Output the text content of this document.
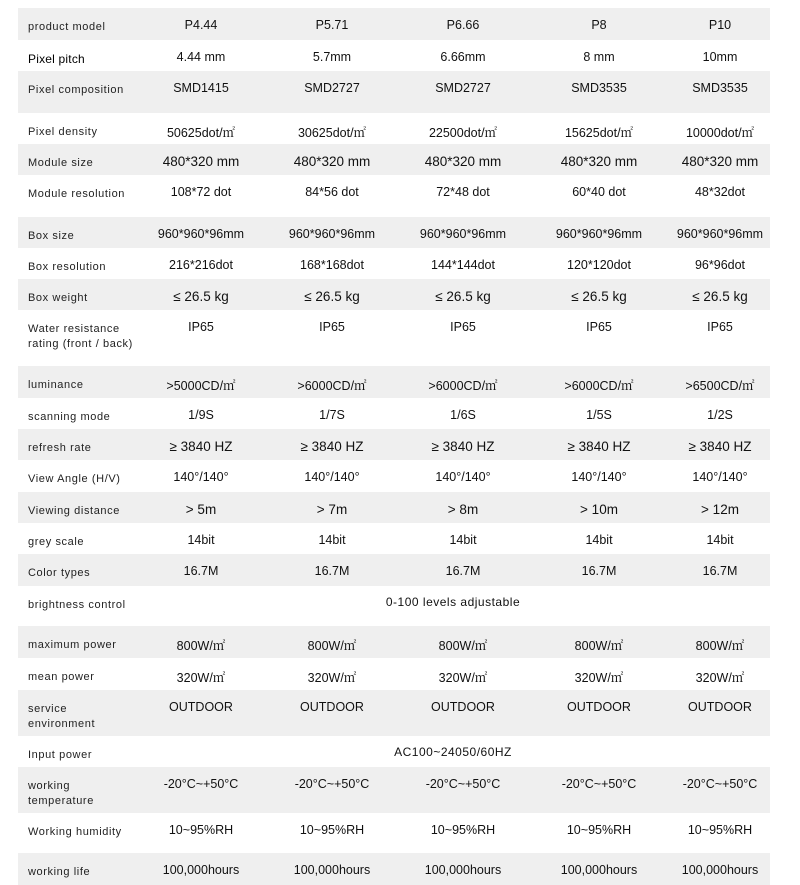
product model	P4.44	P5.71	P6.66	P8	P10
Pixel pitch	4.44 mm	5.7mm	6.66mm	8 mm	10mm
Pixel composition	SMD1415	SMD2727	SMD2727	SMD3535	SMD3535
Pixel density	50625dot/㎡	30625dot/㎡	22500dot/㎡	15625dot/㎡	10000dot/㎡
Module size	480*320 mm	480*320 mm	480*320 mm	480*320 mm	480*320 mm
Module resolution	108*72 dot	84*56 dot	72*48 dot	60*40 dot	48*32dot
Box size	960*960*96mm	960*960*96mm	960*960*96mm	960*960*96mm	960*960*96mm
Box resolution	216*216dot	168*168dot	144*144dot	120*120dot	96*96dot
Box weight	≤ 26.5 kg	≤ 26.5 kg	≤ 26.5 kg	≤ 26.5 kg	≤ 26.5 kg
Water resistance rating (front / back)	IP65	IP65	IP65	IP65	IP65
luminance	>5000CD/㎡	>6000CD/㎡	>6000CD/㎡	>6000CD/㎡	>6500CD/㎡
scanning mode	1/9S	1/7S	1/6S	1/5S	1/2S
refresh rate	≥ 3840 HZ	≥ 3840 HZ	≥ 3840 HZ	≥ 3840 HZ	≥ 3840 HZ
View Angle (H/V)	140°/140°	140°/140°	140°/140°	140°/140°	140°/140°
Viewing distance	> 5m	> 7m	> 8m	> 10m	> 12m
grey scale	14bit	14bit	14bit	14bit	14bit
Color types	16.7M	16.7M	16.7M	16.7M	16.7M
brightness control	0-100 levels adjustable				
maximum power	800W/㎡	800W/㎡	800W/㎡	800W/㎡	800W/㎡
mean power	320W/㎡	320W/㎡	320W/㎡	320W/㎡	320W/㎡
service environment	OUTDOOR	OUTDOOR	OUTDOOR	OUTDOOR	OUTDOOR
Input power	AC100~24050/60HZ				
working temperature	-20°C~+50°C	-20°C~+50°C	-20°C~+50°C	-20°C~+50°C	-20°C~+50°C
Working humidity	10~95%RH	10~95%RH	10~95%RH	10~95%RH	10~95%RH
working life	100,000hours	100,000hours	100,000hours	100,000hours	100,000hours
